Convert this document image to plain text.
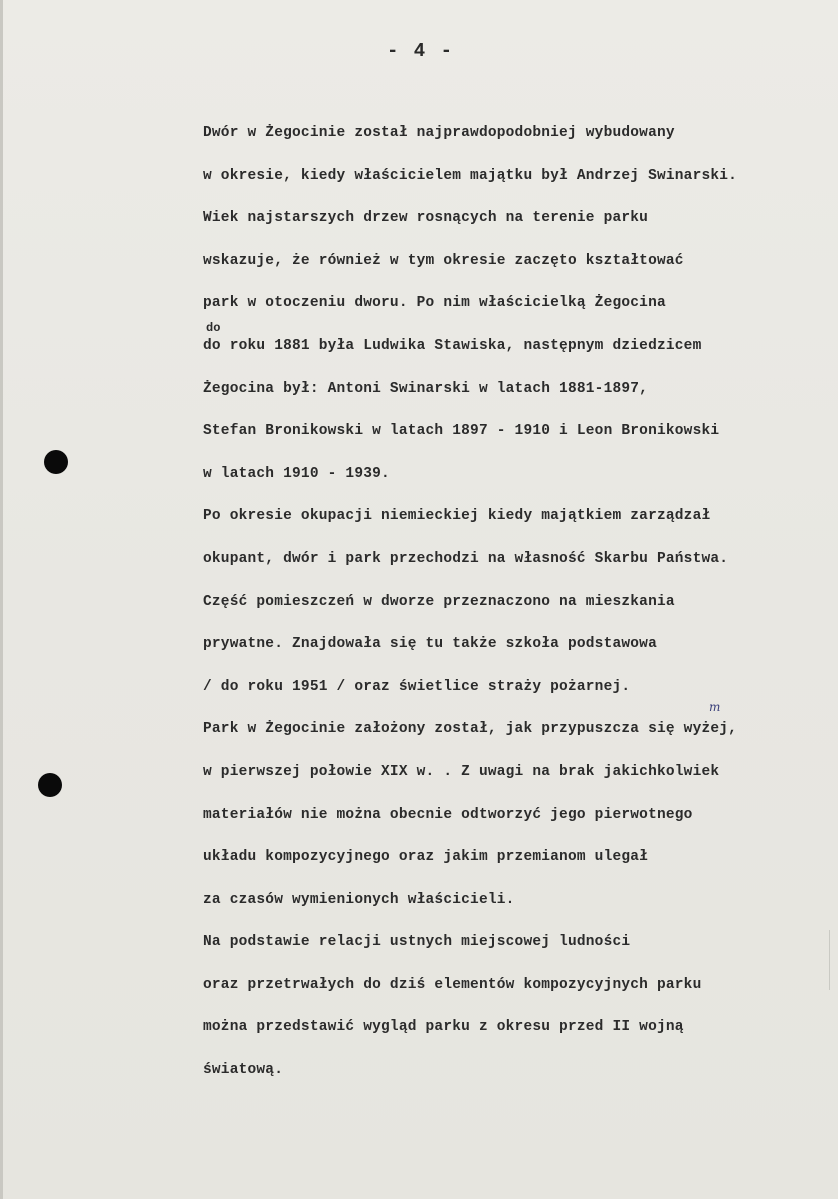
- 4 -
do
m
Dwór w Żegocinie został najprawdopodobniej wybudowany
w okresie, kiedy właścicielem majątku był Andrzej Swinarski.
Wiek najstarszych drzew rosnących na terenie parku
wskazuje, że również w tym okresie zaczęto kształtować
park w otoczeniu dworu. Po nim właścicielką Żegocina
do roku 1881 była Ludwika Stawiska, następnym dziedzicem
Żegocina był: Antoni Swinarski w latach 1881-1897,
Stefan Bronikowski w latach 1897 - 1910 i Leon Bronikowski
w latach 1910 - 1939.
Po okresie okupacji niemieckiej kiedy majątkiem zarządzał
okupant, dwór i park przechodzi na własność Skarbu Państwa.
Część pomieszczeń w dworze przeznaczono na mieszkania
prywatne. Znajdowała się tu także szkoła podstawowa
/ do roku 1951 / oraz świetlice straży pożarnej.
Park w Żegocinie założony został, jak przypuszcza się wyżej,
w pierwszej połowie XIX w. . Z uwagi na brak jakichkolwiek
materiałów nie można obecnie odtworzyć jego pierwotnego
układu kompozycyjnego oraz jakim przemianom ulegał
za czasów wymienionych właścicieli.
Na podstawie relacji ustnych miejscowej ludności
oraz przetrwałych do dziś elementów kompozycyjnych parku
można przedstawić wygląd parku z okresu przed II wojną
światową.
